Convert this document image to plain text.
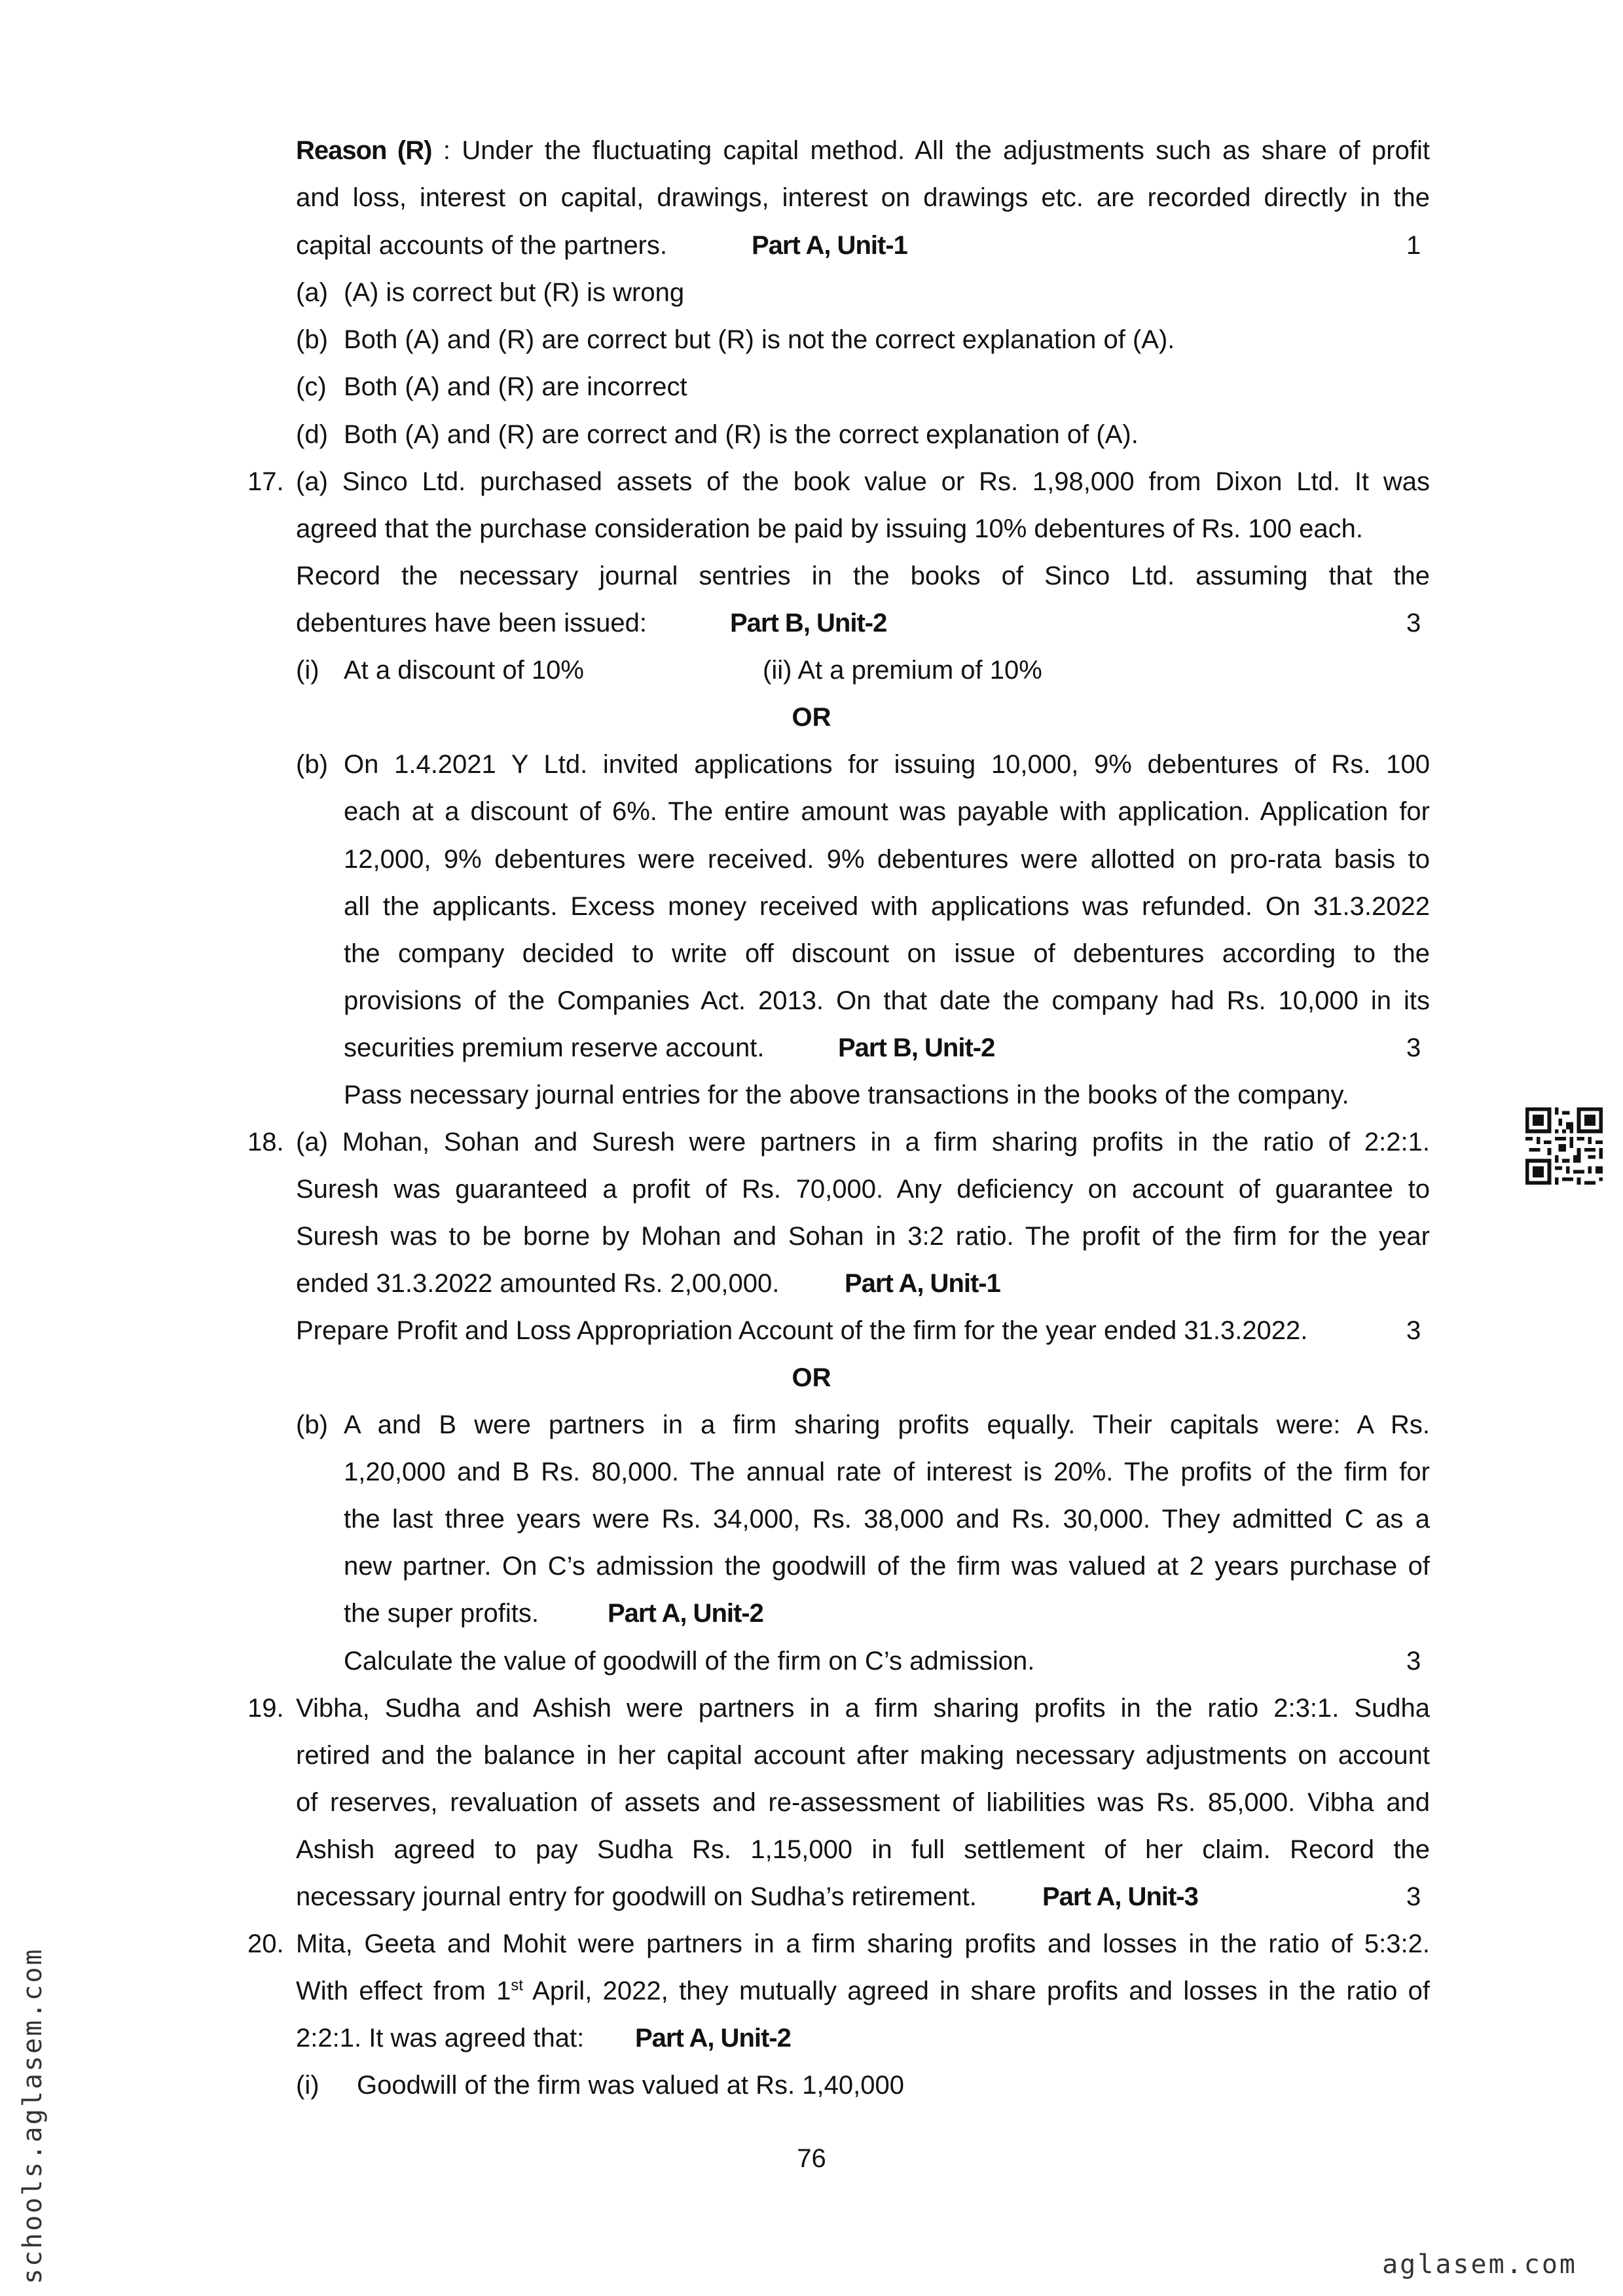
Reason (R) : Under the fluctuating capital method. All the adjustments such as share of profit
and loss, interest on capital, drawings, interest on drawings etc. are recorded directly in the
capital accounts of the partners.	Part A, Unit-1	1
(a) (A) is correct but (R) is wrong
(b) Both (A) and (R) are correct but (R) is not the correct explanation of (A).
(c) Both (A) and (R) are incorrect
(d) Both (A) and (R) are correct and (R) is the correct explanation of (A).
17. (a) Sinco Ltd. purchased assets of the book value or Rs. 1,98,000 from Dixon Ltd. It was
agreed that the purchase consideration be paid by issuing 10% debentures of Rs. 100 each.
Record the necessary journal sentries in the books of Sinco Ltd. assuming that the
debentures have been issued:	Part B, Unit-2	3
(i) At a discount of 10%	(ii) At a premium of 10%
OR
(b) On 1.4.2021 Y Ltd. invited applications for issuing 10,000, 9% debentures of Rs. 100
each at a discount of 6%. The entire amount was payable with application. Application for
12,000, 9% debentures were received. 9% debentures were allotted on pro-rata basis to
all the applicants. Excess money received with applications was refunded. On 31.3.2022
the company decided to write off discount on issue of debentures according to the
provisions of the Companies Act. 2013. On that date the company had Rs. 10,000 in its
securities premium reserve account.	Part B, Unit-2	3
Pass necessary journal entries for the above transactions in the books of the company.
18. (a) Mohan, Sohan and Suresh were partners in a firm sharing profits in the ratio of 2:2:1.
Suresh was guaranteed a profit of Rs. 70,000. Any deficiency on account of guarantee to
Suresh was to be borne by Mohan and Sohan in 3:2 ratio. The profit of the firm for the year
ended 31.3.2022 amounted Rs. 2,00,000. Part A, Unit-1
Prepare Profit and Loss Appropriation Account of the firm for the year ended 31.3.2022.	3
OR
(b) A and B were partners in a firm sharing profits equally. Their capitals were: A Rs.
1,20,000 and B Rs. 80,000. The annual rate of interest is 20%. The profits of the firm for
the last three years were Rs. 34,000, Rs. 38,000 and Rs. 30,000. They admitted C as a
new partner. On C’s admission the goodwill of the firm was valued at 2 years purchase of
the super profits.	Part A, Unit-2
Calculate the value of goodwill of the firm on C’s admission.	3
19. Vibha, Sudha and Ashish were partners in a firm sharing profits in the ratio 2:3:1. Sudha
retired and the balance in her capital account after making necessary adjustments on account
of reserves, revaluation of assets and re-assessment of liabilities was Rs. 85,000. Vibha and
Ashish agreed to pay Sudha Rs. 1,15,000 in full settlement of her claim. Record the
necessary journal entry for goodwill on Sudha’s retirement.	Part A, Unit-3	3
20. Mita, Geeta and Mohit were partners in a firm sharing profits and losses in the ratio of 5:3:2.
With effect from 1st April, 2022, they mutually agreed in share profits and losses in the ratio of
2:2:1. It was agreed that: Part A, Unit-2
(i) Goodwill of the firm was valued at Rs. 1,40,000
76
schools.aglasem.com	aglasem.com
